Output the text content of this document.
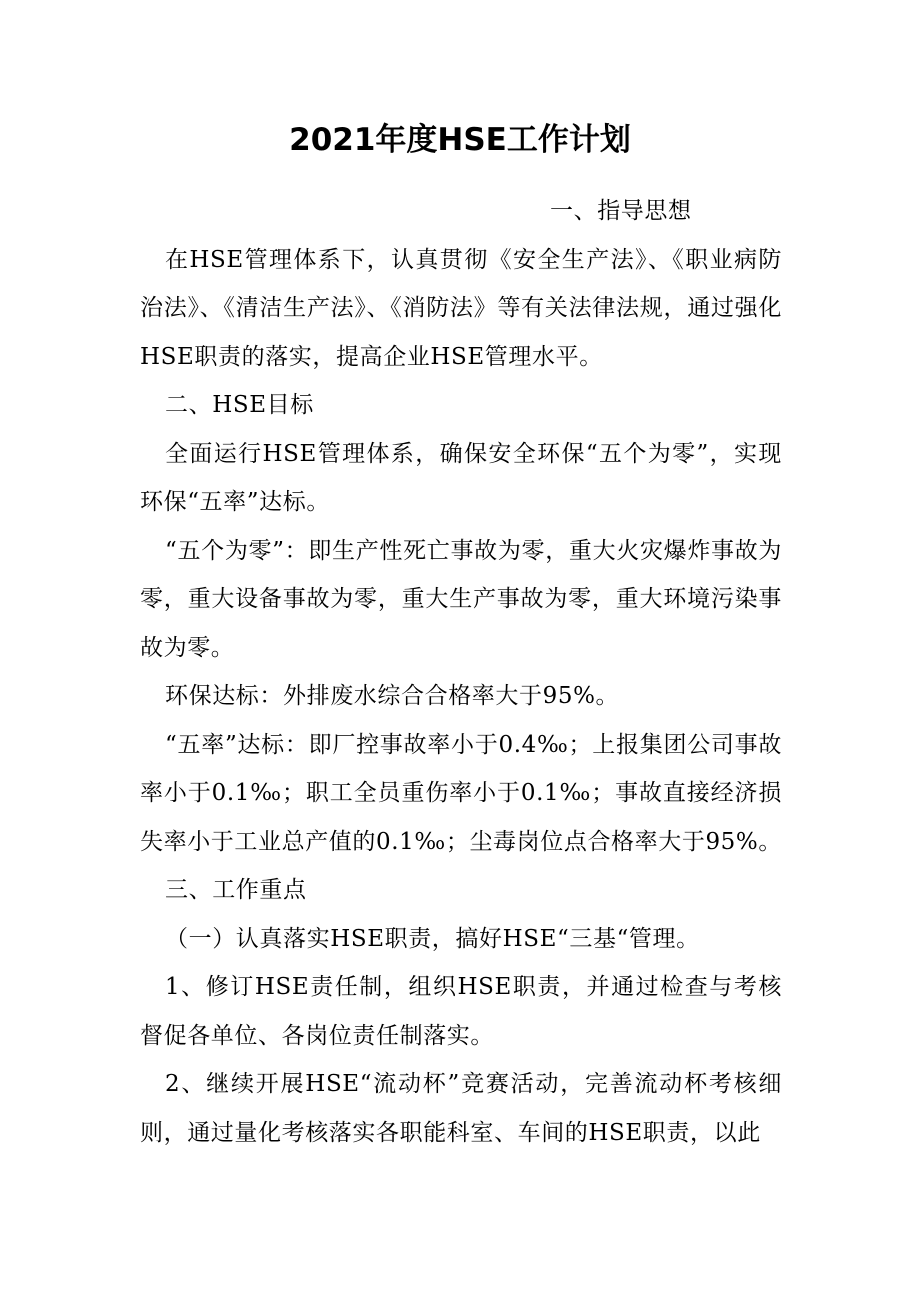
2021年度HSE工作计划

一、指导思想

在HSE管理体系下，认真贯彻《安全生产法》、《职业病防治法》、《清洁生产法》、《消防法》等有关法律法规，通过强化HSE职责的落实，提高企业HSE管理水平。

二、HSE目标

全面运行HSE管理体系，确保安全环保“五个为零”，实现环保“五率”达标。

“五个为零”：即生产性死亡事故为零，重大火灾爆炸事故为零，重大设备事故为零，重大生产事故为零，重大环境污染事故为零。

环保达标：外排废水综合合格率大于95%。

“五率”达标：即厂控事故率小于0.4‰；上报集团公司事故率小于0.1‰；职工全员重伤率小于0.1‰；事故直接经济损失率小于工业总产值的0.1‰；尘毒岗位点合格率大于95%。

三、工作重点

（一）认真落实HSE职责，搞好HSE“三基“管理。

1、修订HSE责任制，组织HSE职责，并通过检查与考核督促各单位、各岗位责任制落实。

2、继续开展HSE“流动杯”竞赛活动，完善流动杯考核细则，通过量化考核落实各职能科室、车间的HSE职责，以此
